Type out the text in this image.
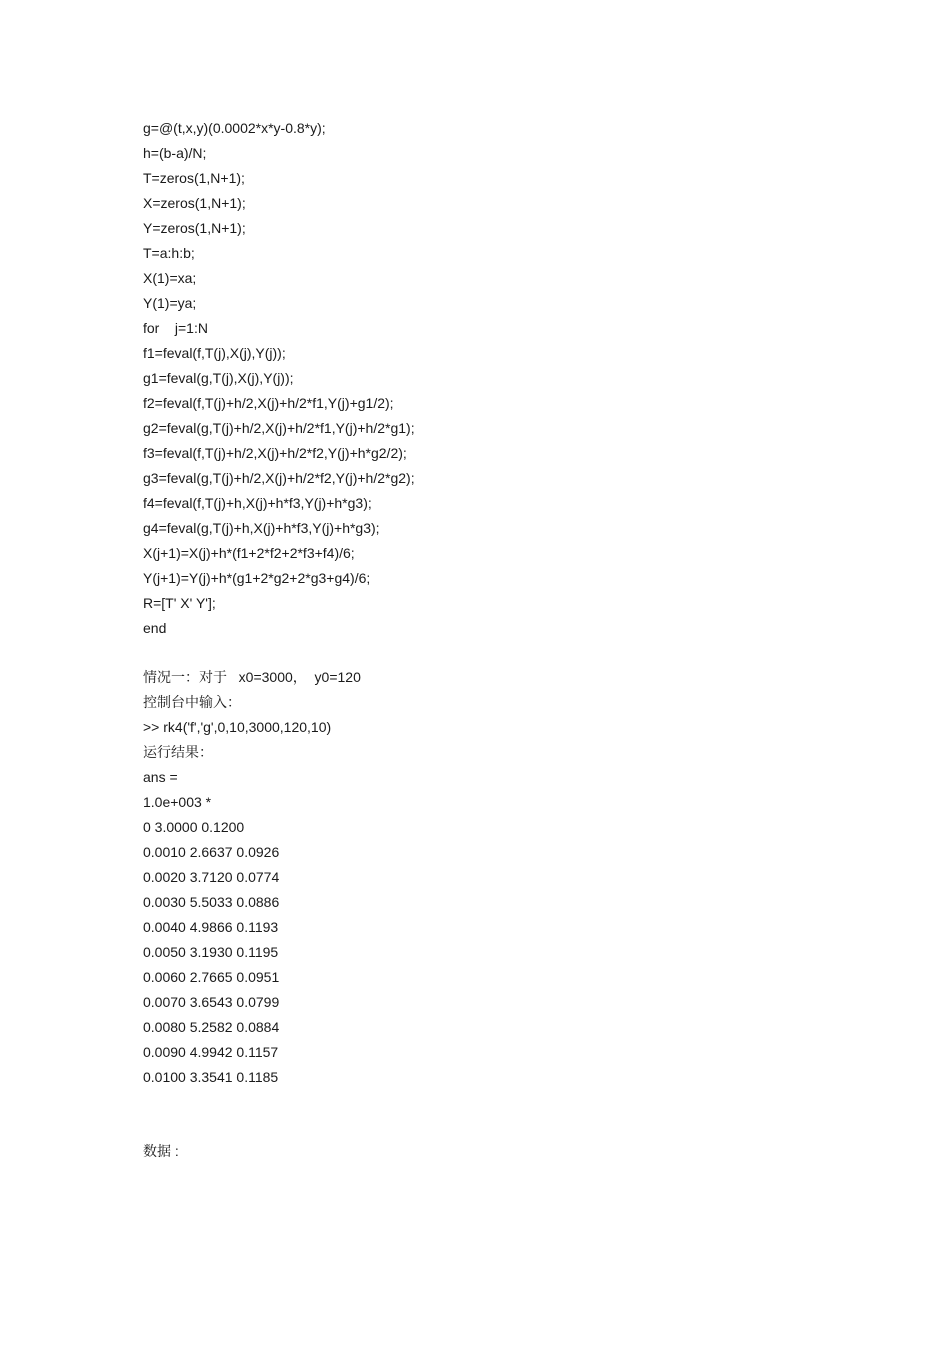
g=@(t,x,y)(0.0002*x*y-0.8*y);
h=(b-a)/N;
T=zeros(1,N+1);
X=zeros(1,N+1);
Y=zeros(1,N+1);
T=a:h:b;
X(1)=xa;
Y(1)=ya;
for    j=1:N
f1=feval(f,T(j),X(j),Y(j));
g1=feval(g,T(j),X(j),Y(j));
f2=feval(f,T(j)+h/2,X(j)+h/2*f1,Y(j)+g1/2);
g2=feval(g,T(j)+h/2,X(j)+h/2*f1,Y(j)+h/2*g1);
f3=feval(f,T(j)+h/2,X(j)+h/2*f2,Y(j)+h*g2/2);
g3=feval(g,T(j)+h/2,X(j)+h/2*f2,Y(j)+h/2*g2);
f4=feval(f,T(j)+h,X(j)+h*f3,Y(j)+h*g3);
g4=feval(g,T(j)+h,X(j)+h*f3,Y(j)+h*g3);
X(j+1)=X(j)+h*(f1+2*f2+2*f3+f4)/6;
Y(j+1)=Y(j)+h*(g1+2*g2+2*g3+g4)/6;
R=[T' X' Y'];
end
情况一：对于   x0=3000，  y0=120
控制台中输入：
>> rk4('f','g',0,10,3000,120,10)
运行结果：
ans =
1.0e+003 *
0 3.0000 0.1200
0.0010 2.6637 0.0926
0.0020 3.7120 0.0774
0.0030 5.5033 0.0886
0.0040 4.9866 0.1193
0.0050 3.1930 0.1195
0.0060 2.7665 0.0951
0.0070 3.6543 0.0799
0.0080 5.2582 0.0884
0.0090 4.9942 0.1157
0.0100 3.3541 0.1185
数据 :
